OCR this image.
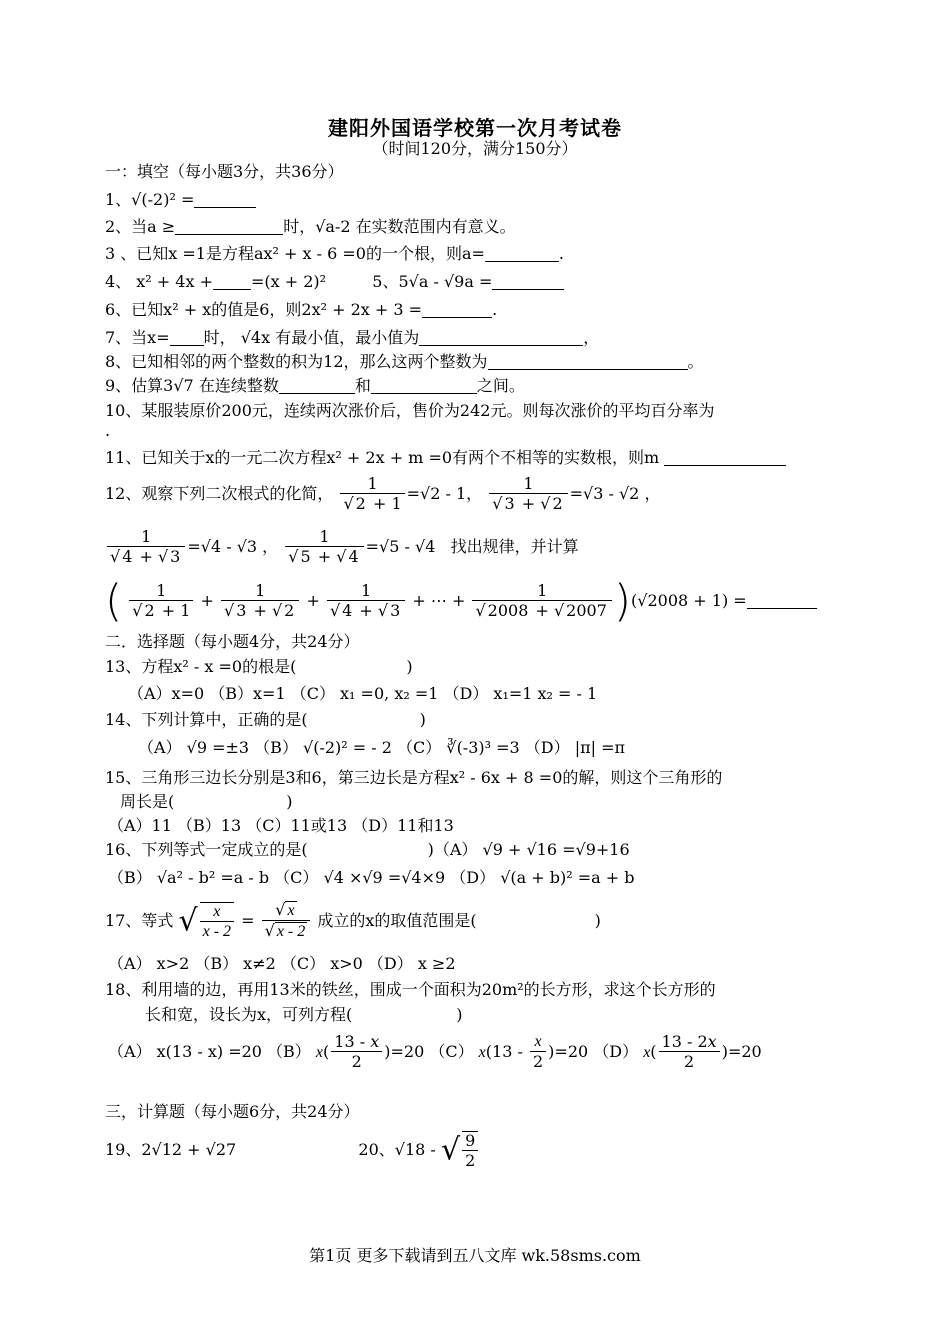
建阳外国语学校第一次月考试卷
（时间120分，满分150分）
一：填空（每小题3分，共36分）
1、√(-2)² =
2、当a ≥	时，√a-2 在实数范围内有意义。
3 、已知x =1是方程ax² + x - 6 =0的一个根，则a=	.
4、 x² + 4x + =(x + 2)²	5、5√a - √9a =
6、已知x² + x的值是6，则2x² + 2x + 3 =	.
7、当x= 时， √4x 有最小值，最小值为	，
8、已知相邻的两个整数的积为12，那么这两个整数为	。
9、估算3√7 在连续整数	和	之间。
10、某服装原价200元，连续两次涨价后，售价为242元。则每次涨价的平均百分率为
.
11、已知关于x的一元二次方程x² + 2x + m =0有两个不相等的实数根，则m
12、观察下列二次根式的化简， $\frac{1}{√ 2 + 1} =√2 - 1$， $\frac{1}{√ 3 + √ 2} =√3 - √2$ ，
$\frac{1}{√ 4 + √ 3} =√4 - √3$ ， $\frac{1}{√ 5 + √ 4} =√5 - √4$ 找出规律，并计算
( $\frac{1}{√ 2 + 1} + \frac{1}{√ 3 + √ 2} + \frac{1}{√ 4 + √ 3}$ + ⋯ + $\frac{1}{√ 2008 + √ 2007} )(√2008 + 1)$ =
二．选择题（每小题4分，共24分）
13、方程x² - x =0的根是(	)
（A）x=0 （B）x=1 （C） x₁ =0, x₂ =1 （D） x₁=1 x₂ = - 1
14、下列计算中，正确的是(	)
（A） √9 =±3 （B） √(-2)² = - 2 （C） ∛(-3)³ =3 （D） |π| =π
15、三角形三边长分别是3和6，第三边长是方程x² - 6x + 8 =0的解，则这个三角形的
周长是(	)
（A）11 （B）13 （C）11或13 （D）11和13
16、下列等式一定成立的是(	)（A） √9 + √16 =√9+16
（B） √a² - b² =a - b （C） √4 ×√9 =√4×9 （D） √(a + b)² =a + b
17、等式 √ $\frac{x}{x - 2} = \frac{√ x}{√ x - 2}$ 成立的x的取值范围是(	)
（A） x>2 （B） x≠2 （C） x>0 （D） x ≥2
18、利用墙的边，再用13米的铁丝，围成一个面积为20m²的长方形，求这个长方形的
长和宽，设长为x，可列方程(	)
（A） x(13 - x) =20 （B） $x( \frac{13 - x}{2} )=20$ （C） $x(13 - \frac{x}{2} )=20$ （D） $x( \frac{13 - 2x}{2} )=20$
三，计算题（每小题6分，共24分）
19、2√12 + √27	20、√18 - √ $\frac{9}{2}$
第1页 更多下载请到五八文库 wk.58sms.com
